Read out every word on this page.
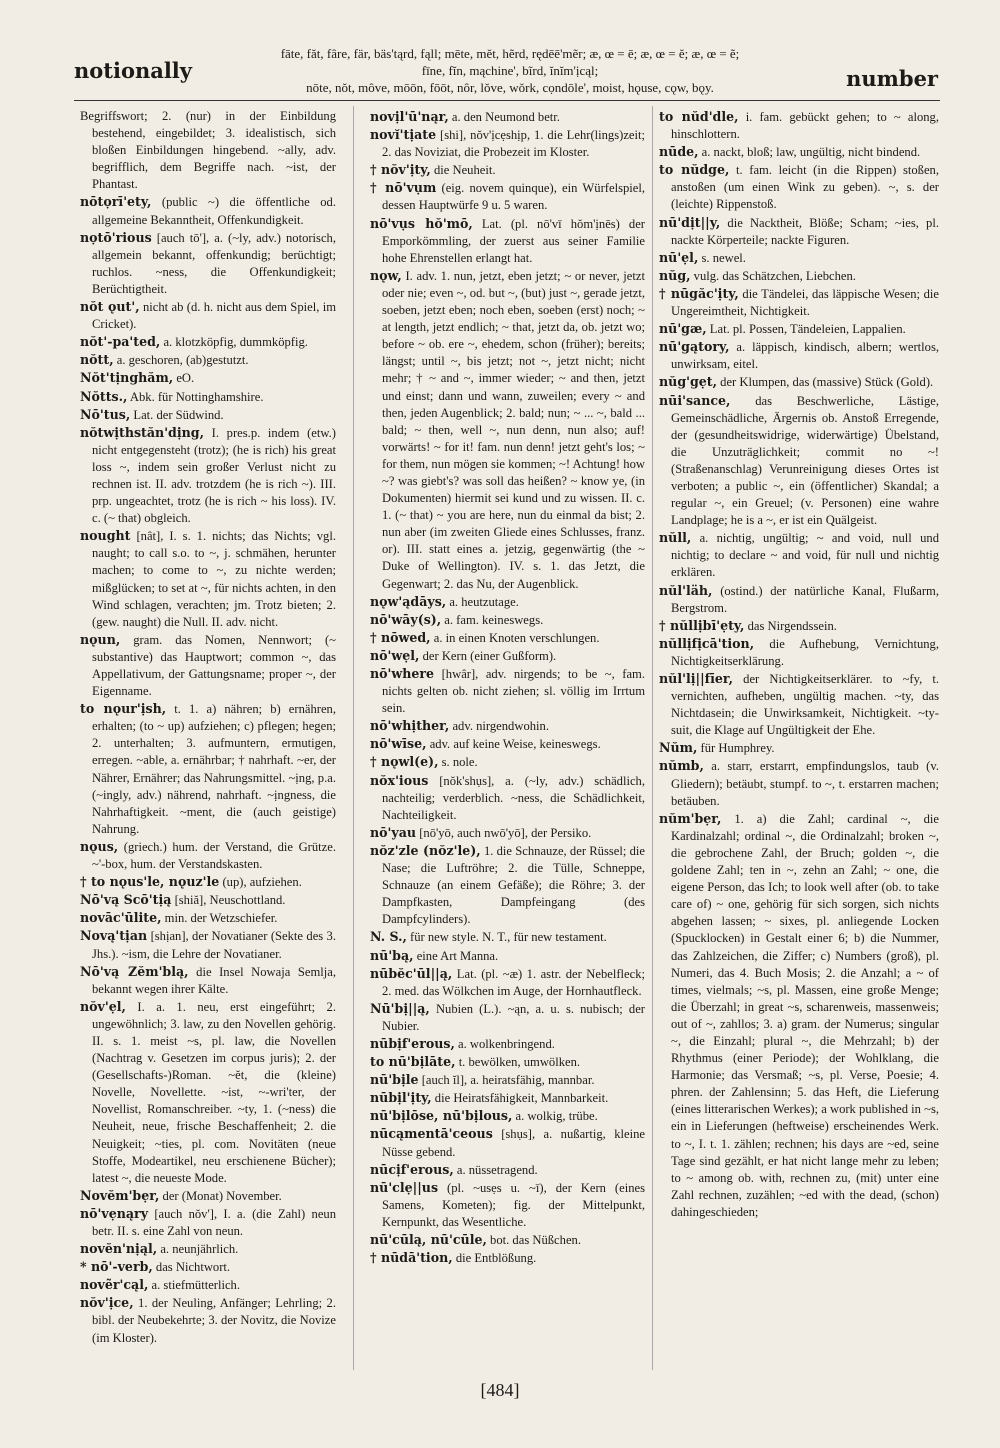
notionally
fāte, făt, fâre, fär, bäs'tąrd, fąll; mēte, mĕt, hẽrd, rędēē'mẽr; æ, œ = ē; æ, œ = ĕ; æ, œ = ẽ;
fīne, fĭn, mąchine', bĩrd, ĭnĭm'ịcąl;
nōte, nŏt, môve, mōōn, fōōt, nôr, lǒve, wǒrk, cọndōle', moist, hǫuse, cǫw, bǫy.	number

Begriffswort; 2. (nur) in der Einbildung bestehend, eingebildet; 3. idealistisch, sich bloßen Einbildungen hingebend. ~ally, adv. begrifflich, dem Begriffe nach. ~ist, der Phantast.

nōtọrī'ety, (public ~) die öffentliche od. allgemeine Bekanntheit, Offenkundigkeit.

nọtō'rious [auch tō'], a. (~ly, adv.) notorisch, allgemein bekannt, offenkundig; berüchtigt; ruchlos. ~ness, die Offenkundigkeit; Berüchtigtheit.

nŏt ǫut', nicht ab (d. h. nicht aus dem Spiel, im Cricket).

nŏt'-pa'ted, a. klotzköpfig, dummköpfig.

nŏtt, a. geschoren, (ab)gestutzt.

Nŏt'tịnghăm, eO.

Nŏtts., Abk. für Nottinghamshire.

Nō'tus, Lat. der Südwind.

nŏtwịthstăn'dịng, I. pres.p. indem (etw.) nicht entgegensteht (trotz); (he is rich) his great loss ~, indem sein großer Verlust nicht zu rechnen ist. II. adv. trotzdem (he is rich ~). III. prp. ungeachtet, trotz (he is rich ~ his loss). IV. c. (~ that) obgleich.

nought [nât], I. s. 1. nichts; das Nichts; vgl. naught; to call s.o. to ~, j. schmähen, herunter machen; to come to ~, zu nichte werden; mißglücken; to set at ~, für nichts achten, in den Wind schlagen, verachten; jm. Trotz bieten; 2. (gew. naught) die Null. II. adv. nicht.

nǫun, gram. das Nomen, Nennwort; (~ substantive) das Hauptwort; common ~, das Appellativum, der Gattungsname; proper ~, der Eigenname.

to nǫur'ịsh, t. 1. a) nähren; b) ernähren, erhalten; (to ~ up) aufziehen; c) pflegen; hegen; 2. unterhalten; 3. aufmuntern, ermutigen, erregen. ~able, a. ernährbar; † nahrhaft. ~er, der Nährer, Ernährer; das Nahrungsmittel. ~ịng, p.a. (~ingly, adv.) nährend, nahrhaft. ~ịngness, die Nahrhaftigkeit. ~ment, die (auch geistige) Nahrung.

nǫus, (griech.) hum. der Verstand, die Grütze. ~'-box, hum. der Verstandskasten.

† to nǫus'le, nǫuz'le (up), aufziehen.

Nō'vą Scō'tịą [shiă], Neuschottland.

novāc'ūlite, min. der Wetzschiefer.

Novą'tịan [shịan], der Novatianer (Sekte des 3. Jhs.). ~ism, die Lehre der Novatianer.

Nō'vą Zĕm'blą, die Insel Nowaja Semlja, bekannt wegen ihrer Kälte.

nŏv'ẹl, I. a. 1. neu, erst eingeführt; 2. ungewöhnlich; 3. law, zu den Novellen gehörig. II. s. 1. meist ~s, pl. law, die Novellen (Nachtrag v. Gesetzen im corpus juris); 2. der (Gesellschafts-)Roman. ~ĕt, die (kleine) Novelle, Novellette. ~ist, ~-wri'ter, der Novellist, Romanschreiber. ~ty, 1. (~ness) die Neuheit, neue, frische Beschaffenheit; 2. die Neuigkeit; ~ties, pl. com. Novitäten (neue Stoffe, Modeartikel, neu erschienene Bücher); latest ~, die neueste Mode.

Novĕm'bẹr, der (Monat) November.

nō'vẹnąry [auch nŏv'], I. a. (die Zahl) neun betr. II. s. eine Zahl von neun.

novĕn'nịąl, a. neunjährlich.

* nō'-verb, das Nichtwort.

novẽr'cąl, a. stiefmütterlich.

nŏv'ịce, 1. der Neuling, Anfänger; Lehrling; 2. bibl. der Neubekehrte; 3. der Novitz, die Novize (im Kloster).

novịl'ū'nąr, a. den Neumond betr.

novĭ'tịate [shi], nŏv'ịcẹshịp, 1. die Lehr(lings)zeit; 2. das Noviziat, die Probezeit im Kloster.

† nŏv'ịty, die Neuheit.

† nō'vụm (eig. novem quinque), ein Würfelspiel, dessen Hauptwürfe 9 u. 5 waren.

nō'vụs hŏ'mō, Lat. (pl. nō'vī hŏm'ịnēs) der Emporkömmling, der zuerst aus seiner Familie hohe Ehrenstellen erlangt hat.

nǫw, I. adv. 1. nun, jetzt, eben jetzt; ~ or never, jetzt oder nie; even ~, od. but ~, (but) just ~, gerade jetzt, soeben, jetzt eben; noch eben, soeben (erst) noch; ~ at length, jetzt endlich; ~ that, jetzt da, ob. jetzt wo; before ~ ob. ere ~, ehedem, schon (früher); bereits; längst; until ~, bis jetzt; not ~, jetzt nicht; nicht mehr; † ~ and ~, immer wieder; ~ and then, jetzt und einst; dann und wann, zuweilen; every ~ and then, jeden Augenblick; 2. bald; nun; ~ ... ~, bald ... bald; ~ then, well ~, nun denn, nun also; auf! vorwärts! ~ for it! fam. nun denn! jetzt geht's los; ~ for them, nun mögen sie kommen; ~! Achtung! how ~? was giebt's? was soll das heißen? ~ know ye, (in Dokumenten) hiermit sei kund und zu wissen. II. c. 1. (~ that) ~ you are here, nun du einmal da bist; 2. nun aber (im zweiten Gliede eines Schlusses, franz. or). III. statt eines a. jetzig, gegenwärtig (the ~ Duke of Wellington). IV. s. 1. das Jetzt, die Gegenwart; 2. das Nu, der Augenblick.

nǫw'ądāys, a. heutzutage.

nō'wāy(s), a. fam. keineswegs.

† nōwed, a. in einen Knoten verschlungen.

nō'wẹl, der Kern (einer Gußform).

nō'where [hwâr], adv. nirgends; to be ~, fam. nichts gelten ob. nicht ziehen; sl. völlig im Irrtum sein.

nō'whịther, adv. nirgendwohin.

nō'wīse, adv. auf keine Weise, keineswegs.

† nǫwl(e), s. nole.

nŏx'ious [nŏk'shụs], a. (~ly, adv.) schädlich, nachteilig; verderblich. ~ness, die Schädlichkeit, Nachteiligkeit.

nō'yau [nō'yō, auch nwō'yō], der Persiko.

nŏz'zle (nŏz'le), 1. die Schnauze, der Rüssel; die Nase; die Luftröhre; 2. die Tülle, Schneppe, Schnauze (an einem Gefäße); die Röhre; 3. der Dampfkasten, Dampfeingang (des Dampfcylinders).

N. S., für new style. N. T., für new testament.

nū'bą, eine Art Manna.

nūbĕc'ūl||ą, Lat. (pl. ~æ) 1. astr. der Nebelfleck; 2. med. das Wölkchen im Auge, der Hornhautfleck.

Nū'bị||ą, Nubien (L.). ~ąn, a. u. s. nubisch; der Nubier.

nūbịf'erous, a. wolkenbringend.

to nū'bịlāte, t. bewölken, umwölken.

nū'bịle [auch ĭl], a. heiratsfähig, mannbar.

nūbịl'ịty, die Heiratsfähigkeit, Mannbarkeit.

nū'bịlōse, nū'bịlous, a. wolkig, trübe.

nūcąmentā'ceous [shụs], a. nußartig, kleine Nüsse gebend.

nūcịf'erous, a. nüssetragend.

nū'clẹ||us (pl. ~usẹs u. ~ī), der Kern (eines Samens, Kometen); fig. der Mittelpunkt, Kernpunkt, das Wesentliche.

nū'cūlą, nū'cūle, bot. das Nüßchen.

† nūdā'tion, die Entblößung.

to nŭd'dle, i. fam. gebückt gehen; to ~ along, hinschlottern.

nūde, a. nackt, bloß; law, ungültig, nicht bindend.

to nŭdge, t. fam. leicht (in die Rippen) stoßen, anstoßen (um einen Wink zu geben). ~, s. der (leichte) Rippenstoß.

nū'dịt||y, die Nacktheit, Blöße; Scham; ~ies, pl. nackte Körperteile; nackte Figuren.

nū'ẹl, s. newel.

nŭg, vulg. das Schätzchen, Liebchen.

† nūgăc'ịty, die Tändelei, das läppische Wesen; die Ungereimtheit, Nichtigkeit.

nū'gæ, Lat. pl. Possen, Tändeleien, Lappalien.

nū'gątory, a. läppisch, kindisch, albern; wertlos, unwirksam, eitel.

nŭg'gẹt, der Klumpen, das (massive) Stück (Gold).

nūi'sance, das Beschwerliche, Lästige, Gemeinschädliche, Ärgernis ob. Anstoß Erregende, der (gesundheitswidrige, widerwärtige) Übelstand, die Unzuträglichkeit; commit no ~! (Straßenanschlag) Verunreinigung dieses Ortes ist verboten; a public ~, ein (öffentlicher) Skandal; a regular ~, ein Greuel; (v. Personen) eine wahre Landplage; he is a ~, er ist ein Quälgeist.

nŭll, a. nichtig, ungültig; ~ and void, null und nichtig; to declare ~ and void, für null und nichtig erklären.

nŭl'läh, (ostind.) der natürliche Kanal, Flußarm, Bergstrom.

† nŭllịbī'ẹty, das Nirgendssein.

nŭllịfịcā'tion, die Aufhebung, Vernichtung, Nichtigkeitserklärung.

nŭl'lị||fīer, der Nichtigkeitserklärer. to ~fy, t. vernichten, aufheben, ungültig machen. ~ty, das Nichtdasein; die Unwirksamkeit, Nichtigkeit. ~ty-suit, die Klage auf Ungültigkeit der Ehe.

Nŭm, für Humphrey.

nŭmb, a. starr, erstarrt, empfindungslos, taub (v. Gliedern); betäubt, stumpf. to ~, t. erstarren machen; betäuben.

nŭm'bẹr, 1. a) die Zahl; cardinal ~, die Kardinalzahl; ordinal ~, die Ordinalzahl; broken ~, die gebrochene Zahl, der Bruch; golden ~, die goldene Zahl; ten in ~, zehn an Zahl; ~ one, die eigene Person, das Ich; to look well after (ob. to take care of) ~ one, gehörig für sich sorgen, sich nichts abgehen lassen; ~ sixes, pl. anliegende Locken (Spucklocken) in Gestalt einer 6; b) die Nummer, das Zahlzeichen, die Ziffer; c) Numbers (groß), pl. Numeri, das 4. Buch Mosis; 2. die Anzahl; a ~ of times, vielmals; ~s, pl. Massen, eine große Menge; die Überzahl; in great ~s, scharenweis, massenweis; out of ~, zahllos; 3. a) gram. der Numerus; singular ~, die Einzahl; plural ~, die Mehrzahl; b) der Rhythmus (einer Periode); der Wohlklang, die Harmonie; das Versmaß; ~s, pl. Verse, Poesie; 4. phren. der Zahlensinn; 5. das Heft, die Lieferung (eines litterarischen Werkes); a work published in ~s, ein in Lieferungen (heftweise) erscheinendes Werk. to ~, I. t. 1. zählen; rechnen; his days are ~ed, seine Tage sind gezählt, er hat nicht lange mehr zu leben; to ~ among ob. with, rechnen zu, (mit) unter eine Zahl rechnen, zuzählen; ~ed with the dead, (schon) dahingeschieden;

[484]
